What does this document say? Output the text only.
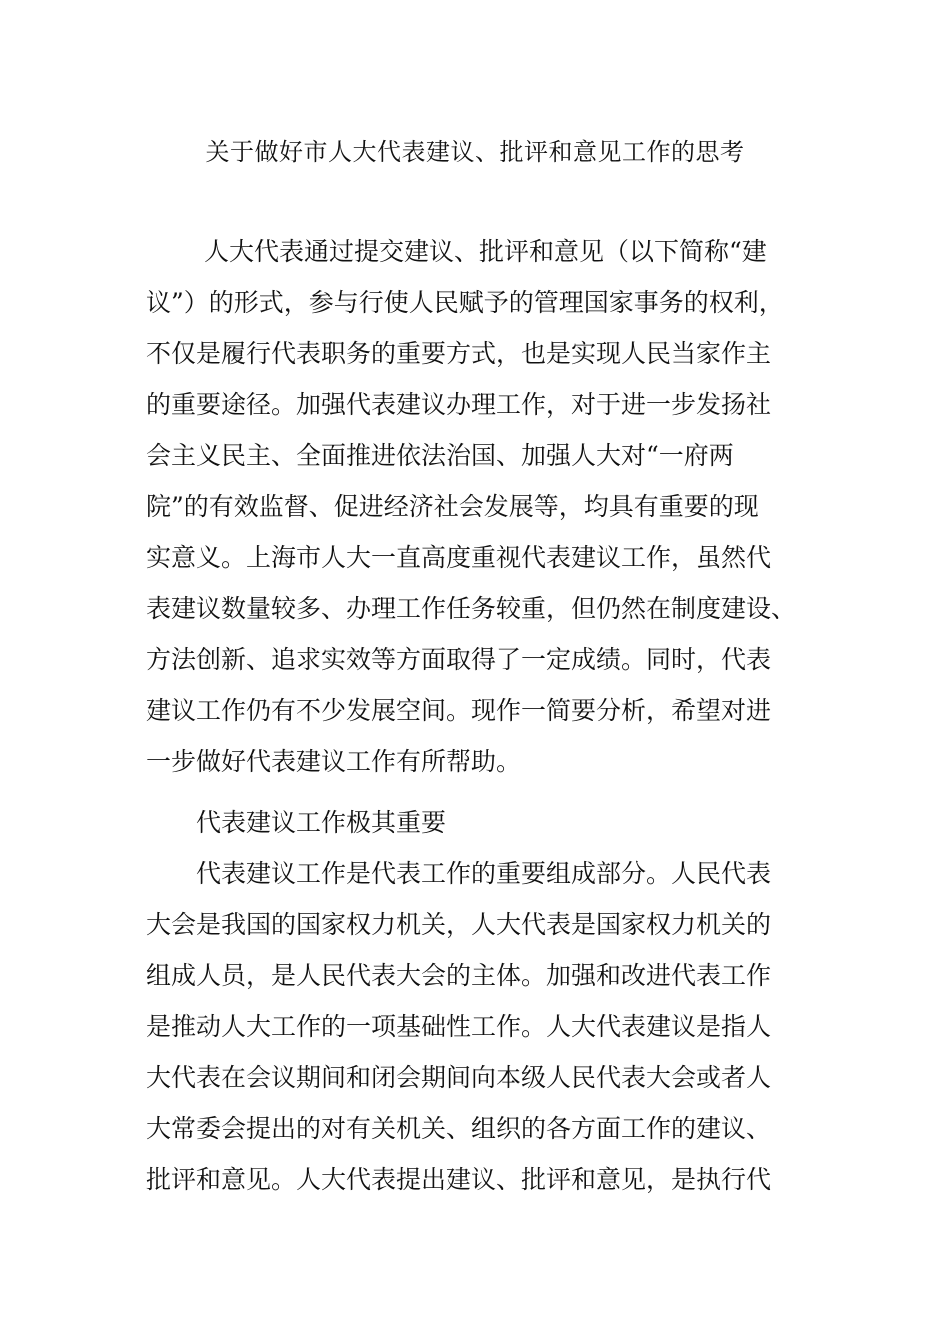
关于做好市人大代表建议、批评和意见工作的思考
人大代表通过提交建议、批评和意见（以下简称“建
议”）的形式，参与行使人民赋予的管理国家事务的权利，
不仅是履行代表职务的重要方式，也是实现人民当家作主
的重要途径。加强代表建议办理工作，对于进一步发扬社
会主义民主、全面推进依法治国、加强人大对“一府两
院”的有效监督、促进经济社会发展等，均具有重要的现
实意义。上海市人大一直高度重视代表建议工作，虽然代
表建议数量较多、办理工作任务较重，但仍然在制度建设、
方法创新、追求实效等方面取得了一定成绩。同时，代表
建议工作仍有不少发展空间。现作一简要分析，希望对进
一步做好代表建议工作有所帮助。
代表建议工作极其重要
代表建议工作是代表工作的重要组成部分。人民代表
大会是我国的国家权力机关，人大代表是国家权力机关的
组成人员，是人民代表大会的主体。加强和改进代表工作
是推动人大工作的一项基础性工作。人大代表建议是指人
大代表在会议期间和闭会期间向本级人民代表大会或者人
大常委会提出的对有关机关、组织的各方面工作的建议、
批评和意见。人大代表提出建议、批评和意见，是执行代
